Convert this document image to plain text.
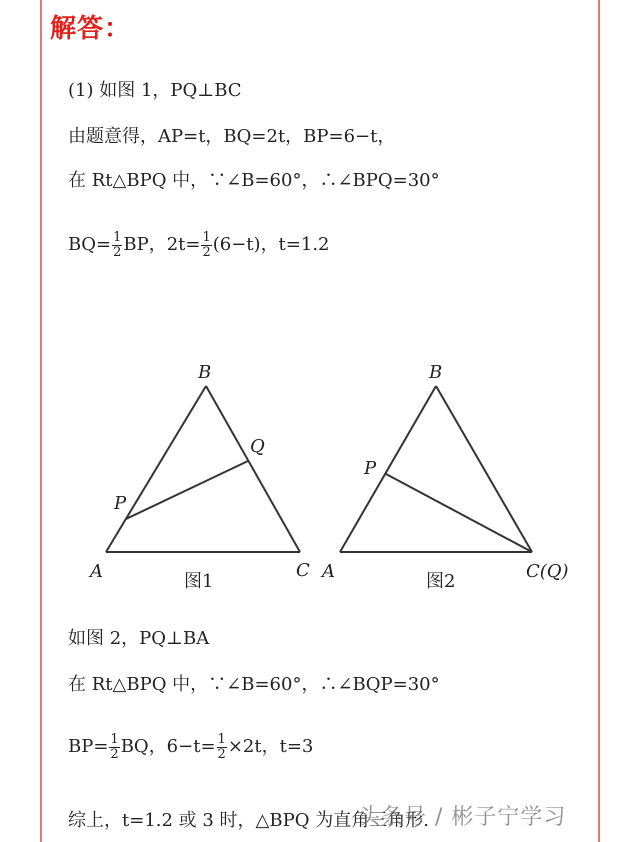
解答：
(1) 如图 1，PQ⊥BC
由题意得，AP=t，BQ=2t，BP=6−t，
在 Rt△BPQ 中，∵∠B=60°，∴∠BPQ=30°
$BQ= \frac{1}{2}$ BP，$2t= \frac{1}{2} (6-t)$，t=1.2
B
Q
P
A	C
图1
B
P
A	C(Q)
图2
如图 2，PQ⊥BA
在 Rt△BPQ 中，∵∠B=60°，∴∠BQP=30°
$BP= \frac{1}{2}$ BQ，$6-t= \frac{1}{2} \times 2t$，t=3
综上，t=1.2 或 3 时，△BPQ 为直角三角形.
头条号 / 彬子宁学习
